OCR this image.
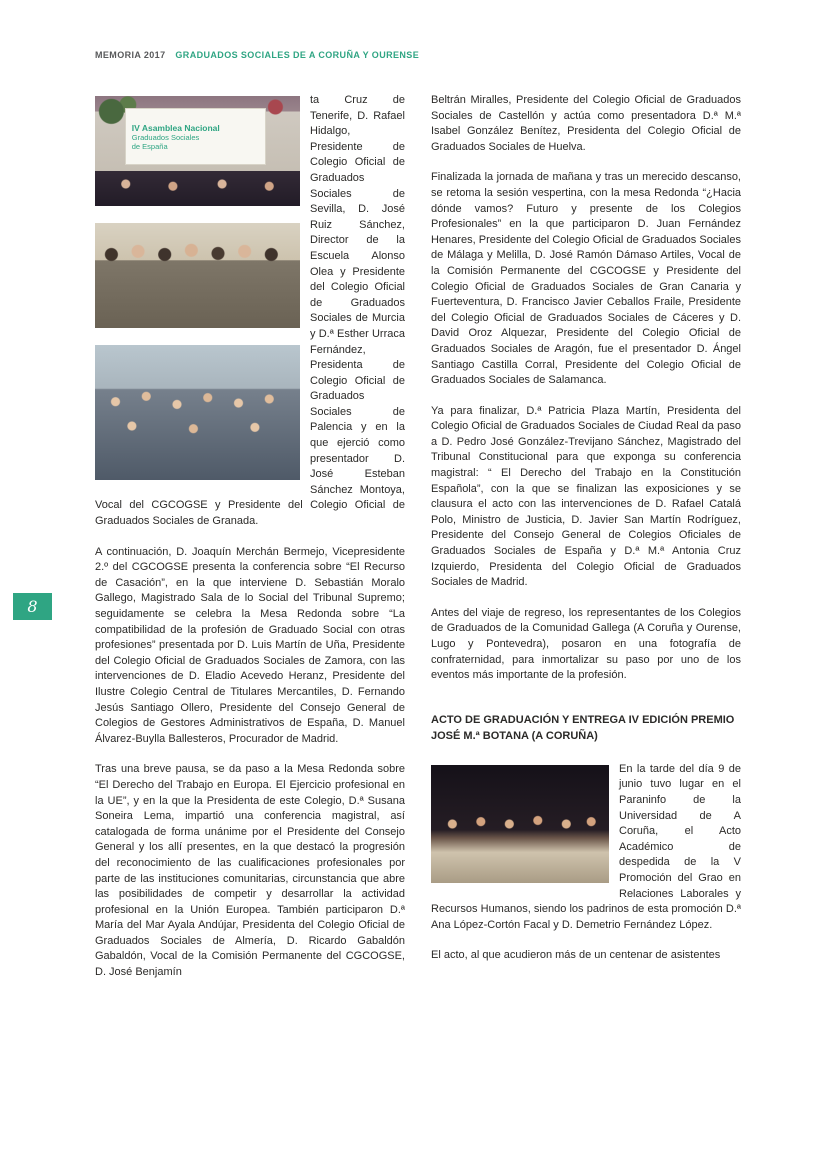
MEMORIA 2017 GRADUADOS SOCIALES DE A CORUÑA Y OURENSE
8
IV Asamblea Nacional
Graduados Sociales
de España
ta Cruz de Tenerife, D. Rafael Hidalgo, Presidente de Colegio Oficial de Graduados Sociales de Sevilla, D. José Ruiz Sánchez, Director de la Escuela Alonso Olea y Presidente del Colegio Oficial de Graduados Sociales de Murcia y D.ª Esther Urraca Fernández, Presidenta de Colegio Oficial de Graduados Sociales de Palencia y en la que ejerció como presentador D. José Esteban Sánchez Montoya, Vocal del CGCOGSE y Presidente del Colegio Oficial de Graduados Sociales de Granada.

A continuación, D. Joaquín Merchán Bermejo, Vicepresidente 2.º del CGCOGSE presenta la conferencia sobre “El Recurso de Casación”, en la que interviene D. Sebastián Moralo Gallego, Magistrado Sala de lo Social del Tribunal Supremo; seguidamente se celebra la Mesa Redonda sobre “La compatibilidad de la profesión de Graduado Social con otras profesiones” presentada por D. Luis Martín de Uña, Presidente del Colegio Oficial de Graduados Sociales de Zamora, con las intervenciones de D. Eladio Acevedo Heranz, Presidente del Ilustre Colegio Central de Titulares Mercantiles, D. Fernando Jesús Santiago Ollero, Presidente del Consejo General de Colegios de Gestores Administrativos de España, D. Manuel Álvarez-Buylla Ballesteros, Procurador de Madrid.

Tras una breve pausa, se da paso a la Mesa Redonda sobre “El Derecho del Trabajo en Europa. El Ejercicio profesional en la UE”, y en la que la Presidenta de este Colegio, D.ª Susana Soneira Lema, impartió una conferencia magistral, así catalogada de forma unánime por el Presidente del Consejo General y los allí presentes, en la que destacó la progresión del reconocimiento de las cualificaciones profesionales por parte de las instituciones comunitarias, circunstancia que abre las posibilidades de competir y desarrollar la actividad profesional en la Unión Europea. También participaron D.ª María del Mar Ayala Andújar, Presidenta del Colegio Oficial de Graduados Sociales de Almería, D. Ricardo Gabaldón Gabaldón, Vocal de la Comisión Permanente del CGCOGSE, D. José Benjamín

Beltrán Miralles, Presidente del Colegio Oficial de Graduados Sociales de Castellón y actúa como presentadora D.ª M.ª Isabel González Benítez, Presidenta del Colegio Oficial de Graduados Sociales de Huelva.

Finalizada la jornada de mañana y tras un merecido descanso, se retoma la sesión vespertina, con la mesa Redonda “¿Hacia dónde vamos? Futuro y presente de los Colegios Profesionales” en la que participaron D. Juan Fernández Henares, Presidente del Colegio Oficial de Graduados Sociales de Málaga y Melilla, D. José Ramón Dámaso Artiles, Vocal de la Comisión Permanente del CGCOGSE y Presidente del Colegio Oficial de Graduados Sociales de Gran Canaria y Fuerteventura, D. Francisco Javier Ceballos Fraile, Presidente del Colegio Oficial de Graduados Sociales de Cáceres y D. David Oroz Alquezar, Presidente del Colegio Oficial de Graduados Sociales de Aragón, fue el presentador D. Ángel Santiago Castilla Corral, Presidente del Colegio Oficial de Graduados Sociales de Salamanca.

Ya para finalizar, D.ª Patricia Plaza Martín, Presidenta del Colegio Oficial de Graduados Sociales de Ciudad Real da paso a D. Pedro José González-Trevijano Sánchez, Magistrado del Tribunal Constitucional para que exponga su conferencia magistral: “ El Derecho del Trabajo en la Constitución Española”, con la que se finalizan las exposiciones y se clausura el acto con las intervenciones de D. Rafael Catalá Polo, Ministro de Justicia, D. Javier San Martín Rodríguez, Presidente del Consejo General de Colegios Oficiales de Graduados Sociales de España y D.ª M.ª Antonia Cruz Izquierdo, Presidenta del Colegio Oficial de Graduados Sociales de Madrid.

Antes del viaje de regreso, los representantes de los Colegios de Graduados de la Comunidad Gallega (A Coruña y Ourense, Lugo y Pontevedra), posaron en una fotografía de confraternidad, para inmortalizar su paso por uno de los eventos más importante de la profesión.

ACTO DE GRADUACIÓN Y ENTREGA IV EDICIÓN PREMIO JOSÉ M.ª BOTANA (A CORUÑA)
En la tarde del día 9 de junio tuvo lugar en el Paraninfo de la Universidad de A Coruña, el Acto Académico de despedida de la V Promoción del Grao en Relaciones Laborales y Recursos Humanos, siendo los padrinos de esta promoción D.ª Ana López-Cortón Facal y D. Demetrio Fernández López.

El acto, al que acudieron más de un centenar de asistentes
